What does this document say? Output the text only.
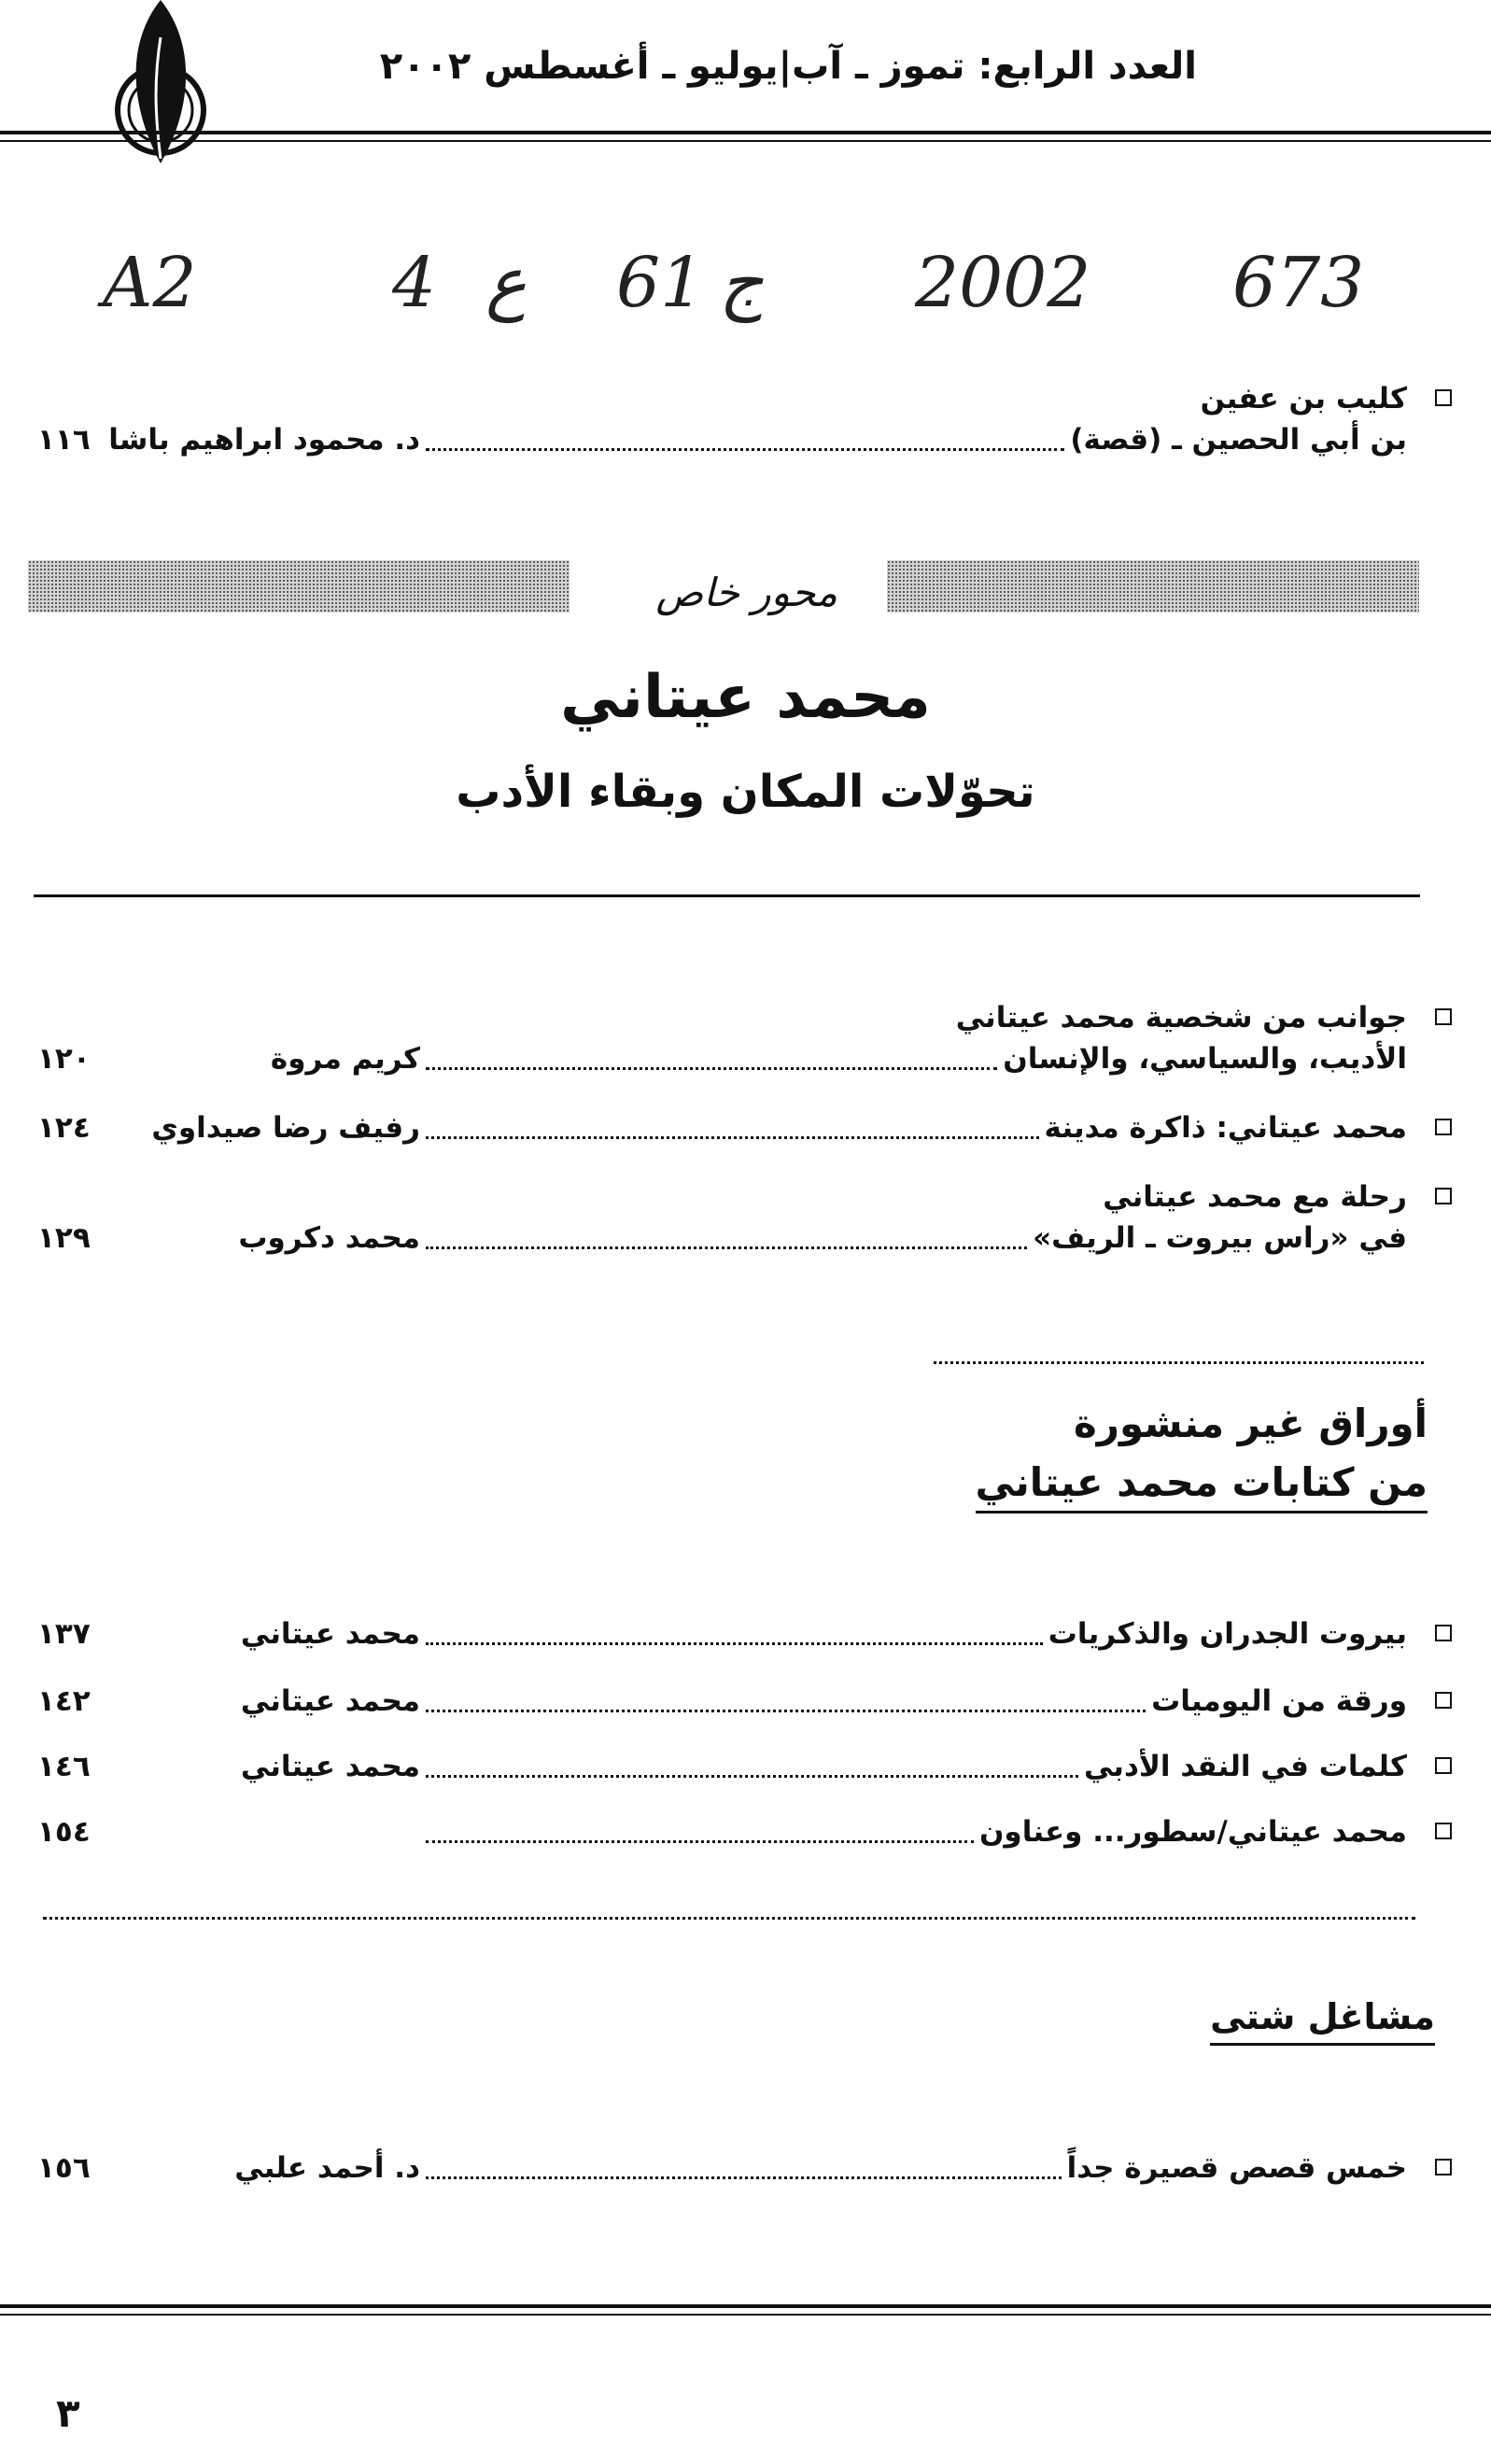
العدد الرابع: تموز ـ آب|يوليو ـ أغسطس ٢٠٠٢
A2	4 ع 61 ج 2002 673
كليب بن عفين
بن أبي الحصين ـ (قصة)
د. محمود ابراهيم باشا
١١٦
محور خاص
محمد عيتاني
تحوّلات المكان وبقاء الأدب
جوانب من شخصية محمد عيتاني
الأديب، والسياسي، والإنسان
كريم مروة
١٢٠
محمد عيتاني: ذاكرة مدينة
رفيف رضا صيداوي
١٢٤
رحلة مع محمد عيتاني
في «راس بيروت ـ الريف»
محمد دكروب
١٢٩
أوراق غير منشورة
من كتابات محمد عيتاني
بيروت الجدران والذكريات
محمد عيتاني
١٣٧
ورقة من اليوميات
محمد عيتاني
١٤٢
كلمات في النقد الأدبي
محمد عيتاني
١٤٦
محمد عيتاني/سطور... وعناون
١٥٤
مشاغل شتى
خمس قصص قصيرة جداً
د. أحمد علبي
١٥٦
٣
